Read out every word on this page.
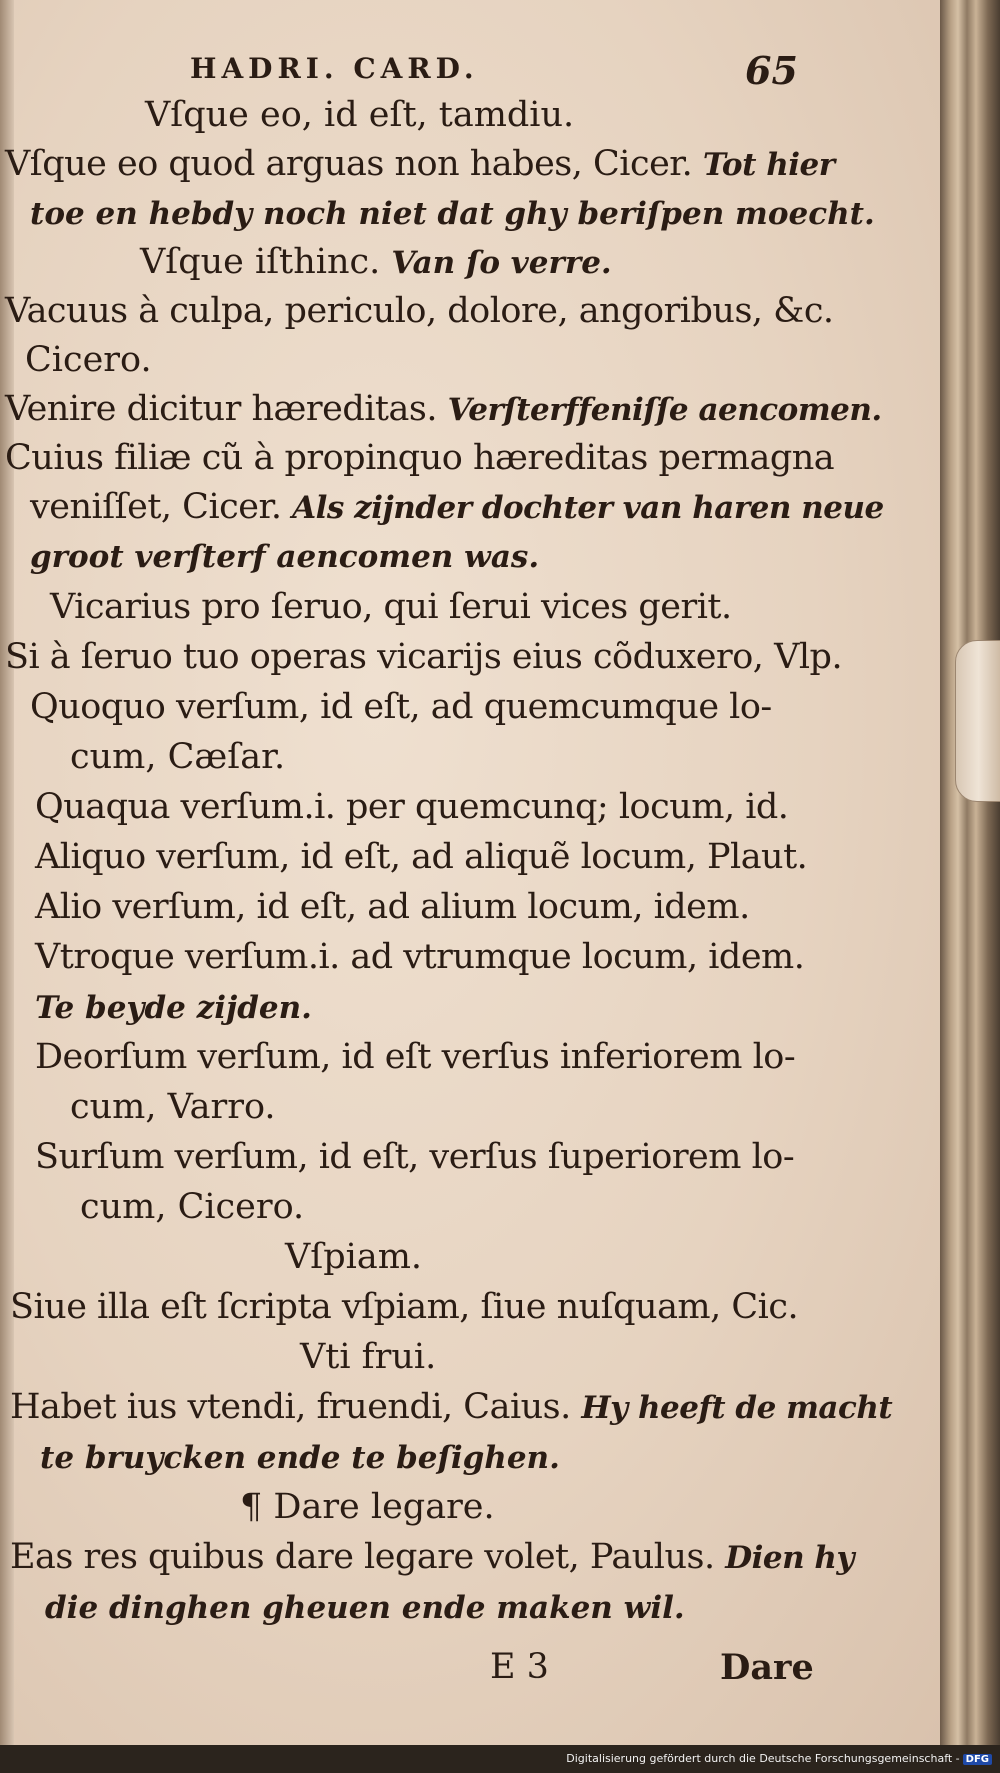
HADRI. CARD.	65
Vſque eo, id eſt, tamdiu.
Vſque eo quod arguas non habes, Cicer. Tot hier
toe en hebdy noch niet dat ghy beriſpen moecht.
Vſque iſthinc. Van ſo verre.
Vacuus à culpa, periculo, dolore, angoribus, &c.
Cicero.
Venire dicitur hæreditas. Verſterffeniſſe aencomen.
Cuius filiæ cũ à propinquo hæreditas permagna
veniſſet, Cicer. Als zijnder dochter van haren neue
groot verſterf aencomen was.
Vicarius pro ſeruo, qui ſerui vices gerit.
Si à ſeruo tuo operas vicarijs eius cõduxero, Vlp.
Quoquo verſum, id eſt, ad quemcumque lo-
cum, Cæſar.
Quaqua verſum.i. per quemcunq; locum, id.
Aliquo verſum, id eſt, ad aliquẽ locum, Plaut.
Alio verſum, id eſt, ad alium locum, idem.
Vtroque verſum.i. ad vtrumque locum, idem.
Te beyde zijden.
Deorſum verſum, id eſt verſus inferiorem lo-
cum, Varro.
Surſum verſum, id eſt, verſus ſuperiorem lo-
cum, Cicero.
Vſpiam.
Siue illa eſt ſcripta vſpiam, ſiue nuſquam, Cic.
Vti frui.
Habet ius vtendi, fruendi, Caius. Hy heeft de macht
te bruycken ende te beſighen.
¶ Dare legare.
Eas res quibus dare legare volet, Paulus. Dien hy
die dinghen gheuen ende maken wil.
E 3	Dare
Digitalisierung gefördert durch die Deutsche Forschungsgemeinschaft - DFG
